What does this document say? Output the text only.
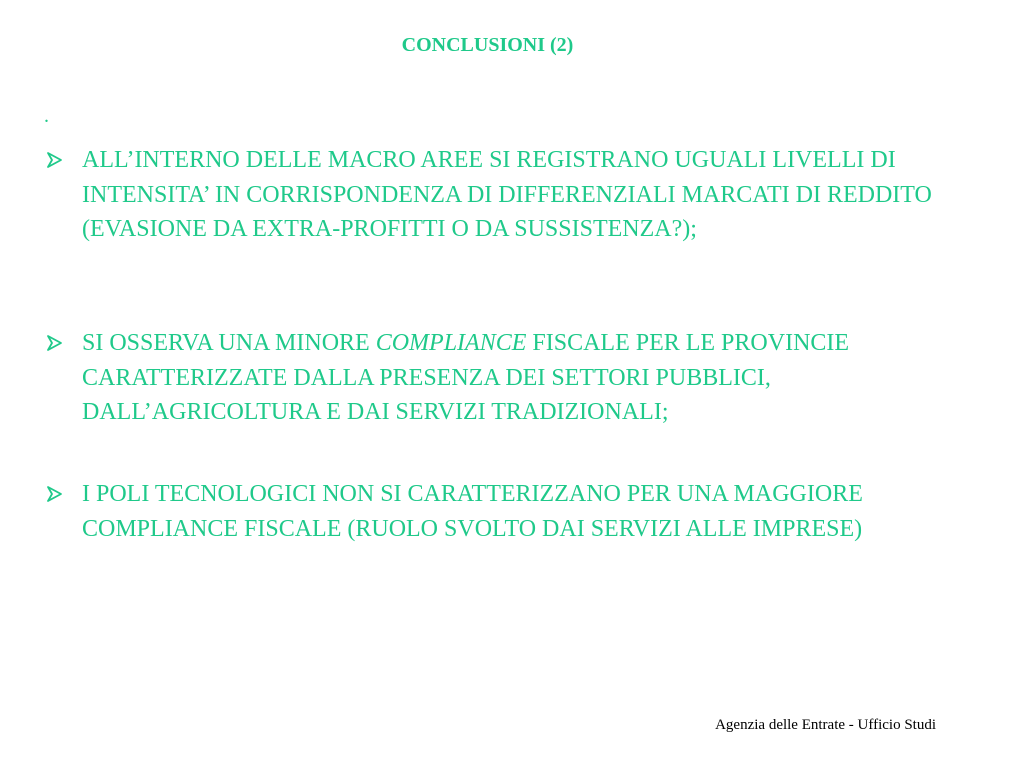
CONCLUSIONI (2)
.
ALL’INTERNO DELLE MACRO AREE SI REGISTRANO UGUALI LIVELLI DI INTENSITA’ IN CORRISPONDENZA DI DIFFERENZIALI MARCATI DI REDDITO (EVASIONE DA EXTRA-PROFITTI O DA SUSSISTENZA?);
SI OSSERVA UNA MINORE COMPLIANCE FISCALE PER LE PROVINCIE CARATTERIZZATE DALLA PRESENZA DEI SETTORI PUBBLICI, DALL’AGRICOLTURA E DAI SERVIZI TRADIZIONALI;
I POLI TECNOLOGICI NON SI CARATTERIZZANO PER UNA MAGGIORE COMPLIANCE FISCALE (RUOLO SVOLTO DAI SERVIZI ALLE IMPRESE)
Agenzia delle Entrate - Ufficio Studi
